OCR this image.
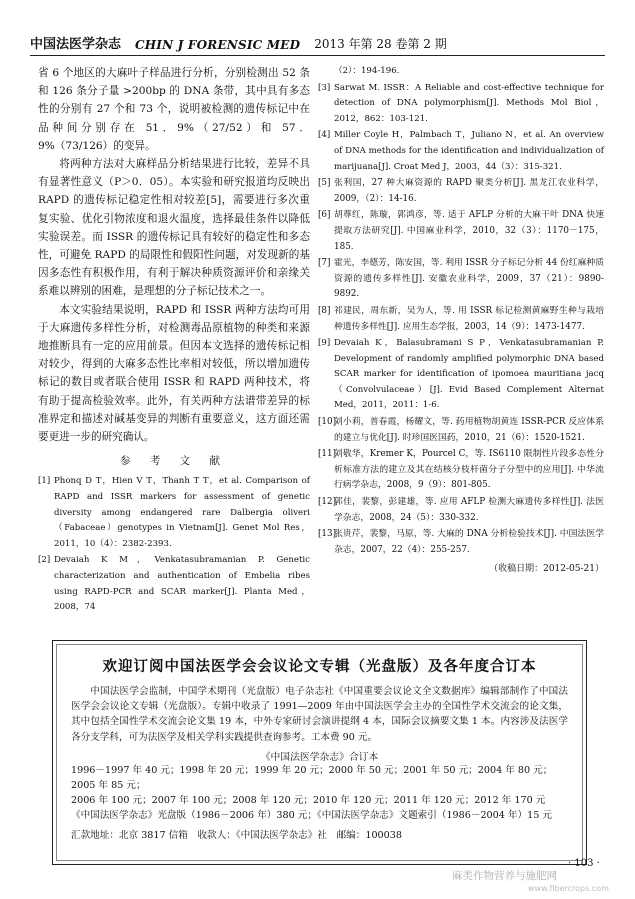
中国法医学杂志 CHIN J FORENSIC MED 2013 年第 28 卷第 2 期

省 6 个地区的大麻叶子样品进行分析，分别检测出 52 条和 126 条分子量 >200bp 的 DNA 条带，其中具有多态性的分别有 27 个和 73 个，说明被检测的遗传标记中在品种间分别存在 51．9%（27/52）和 57．9%（73/126）的变异。

将两种方法对大麻样品分析结果进行比较，差异不具有显著性意义（P＞0．05）。本实验和研究报道均反映出 RAPD 的遗传标记稳定性相对较差[5]，需要进行多次重复实验、优化引物浓度和退火温度，选择最佳条件以降低实验误差。而 ISSR 的遗传标记具有较好的稳定性和多态性，可避免 RAPD 的局限性和假阳性问题，对发现新的基因多态性有积极作用，有利于解决种质资源评价和亲缘关系难以辨别的困难，是理想的分子标记技术之一。

本文实验结果说明，RAPD 和 ISSR 两种方法均可用于大麻遗传多样性分析，对检测毒品原植物的种类和来源地推断具有一定的应用前景。但因本文选择的遗传标记相对较少，得到的大麻多态性比率相对较低，所以增加遗传标记的数目或者联合使用 ISSR 和 RAPD 两种技术，将有助于提高检验效率。此外，有关两种方法谱带差异的标准界定和描述对碱基变异的判断有重要意义，这方面还需要更进一步的研究确认。

参 考 文 献
[1] Phonq D T，Hien V T，Thanh T T，et al. Comparison of RAPD and ISSR markers for assessment of genetic diversity among endangered rare Dalbergia oliveri（Fabaceae）genotypes in Vietnam[J]. Genet Mol Res，2011，10（4）：2382-2393.
[2] Devaiah K M，Venkatasubramanian P. Genetic characterization and authentication of Embelia ribes using RAPD-PCR and SCAR marker[J]. Planta Med，2008，74
（2）：194-196.
[3] Sarwat M. ISSR：A Reliable and cost-effective technique for detection of DNA polymorphism[J]. Methods Mol Biol，2012，862：103-121.
[4] Miller Coyle H，Palmbach T，Juliano N，et al. An overview of DNA methods for the identification and individualization of marijuana[J]. Croat Med J，2003，44（3）：315-321.
[5] 张利国，27 种大麻资源的 RAPD 聚类分析[J]. 黑龙江农业科学，2009，（2）：14-16.
[6] 胡尊红，陈璇，郭鸿彦，等. 适于 AFLP 分析的大麻干叶 DNA 快速提取方法研究[J]. 中国麻业科学，2010，32（3）：1170－175，185.
[7] 霍光，李德芳，陈安国，等. 利用 ISSR 分子标记分析 44 份红麻种质资源的遗传多样性[J]. 安徽农业科学，2009，37（21）：9890-9892.
[8] 祁建民，周东新，吴为人，等. 用 ISSR 标记检测黄麻野生种与栽培种遗传多样性[J]. 应用生态学报，2003，14（9）：1473-1477.
[9] Devaiah K，Balasubramani S P，Venkatasubramanian P. Development of randomly amplified polymorphic DNA based SCAR marker for identification of ipomoea mauritiana jacq（Convolvulaceae）[J]. Evid Based Complement Alternat Med，2011，2011：1-6.
[10]
刘小莉，普春霞，杨耀文，等. 药用植物胡黄连 ISSR-PCR 反应体系的建立与优化[J]. 时珍国医国药，2010，21（6）：1520-1521.
[11]
刘敬华，Kremer K，Pourcel C，等. IS6110 限制性片段多态性分析标准方法的建立及其在结核分枝杆菌分子分型中的应用[J]. 中华流行病学杂志，2008，9（9）：801-805.
[12]
郭佳，裴黎，彭建雄，等. 应用 AFLP 检测大麻遗传多样性[J]. 法医学杂志，2008，24（5）：330-332.
[13]
张贵芹，裴黎，马原，等. 大麻的 DNA 分析检验技术[J]. 中国法医学杂志，2007，22（4）：255-257.
（收稿日期：2012-05-21）
欢迎订阅中国法医学会会议论文专辑（光盘版）及各年度合订本

中国法医学会监制，中国学术期刊（光盘版）电子杂志社《中国重要会议论文全文数据库》编辑部制作了中国法医学会会议论文专辑（光盘版）。专辑中收录了 1991—2009 年由中国法医学会主办的全国性学术交流会的论文集，其中包括全国性学术交流会论文集 19 本，中外专家研讨会演讲提纲 4 本，国际会议摘要文集 1 本。内容涉及法医学各分支学科，可为法医学及相关学科实践提供查询参考。工本费 90 元。

《中国法医学杂志》合订本

1996－1997 年 40 元；1998 年 20 元；1999 年 20 元；2000 年 50 元；2001 年 50 元；2004 年 80 元；2005 年 85 元；

2006 年 100 元；2007 年 100 元；2008 年 120 元；2010 年 120 元；2011 年 120 元；2012 年 170 元

《中国法医学杂志》光盘版（1986－2006 年）380 元；《中国法医学杂志》文题索引（1986－2004 年）15 元

汇款地址：北京 3817 信箱　收款人：《中国法医学杂志》社　邮编：100038

· 103 ·
麻类作物营养与施肥网
www.fibercrops.com
